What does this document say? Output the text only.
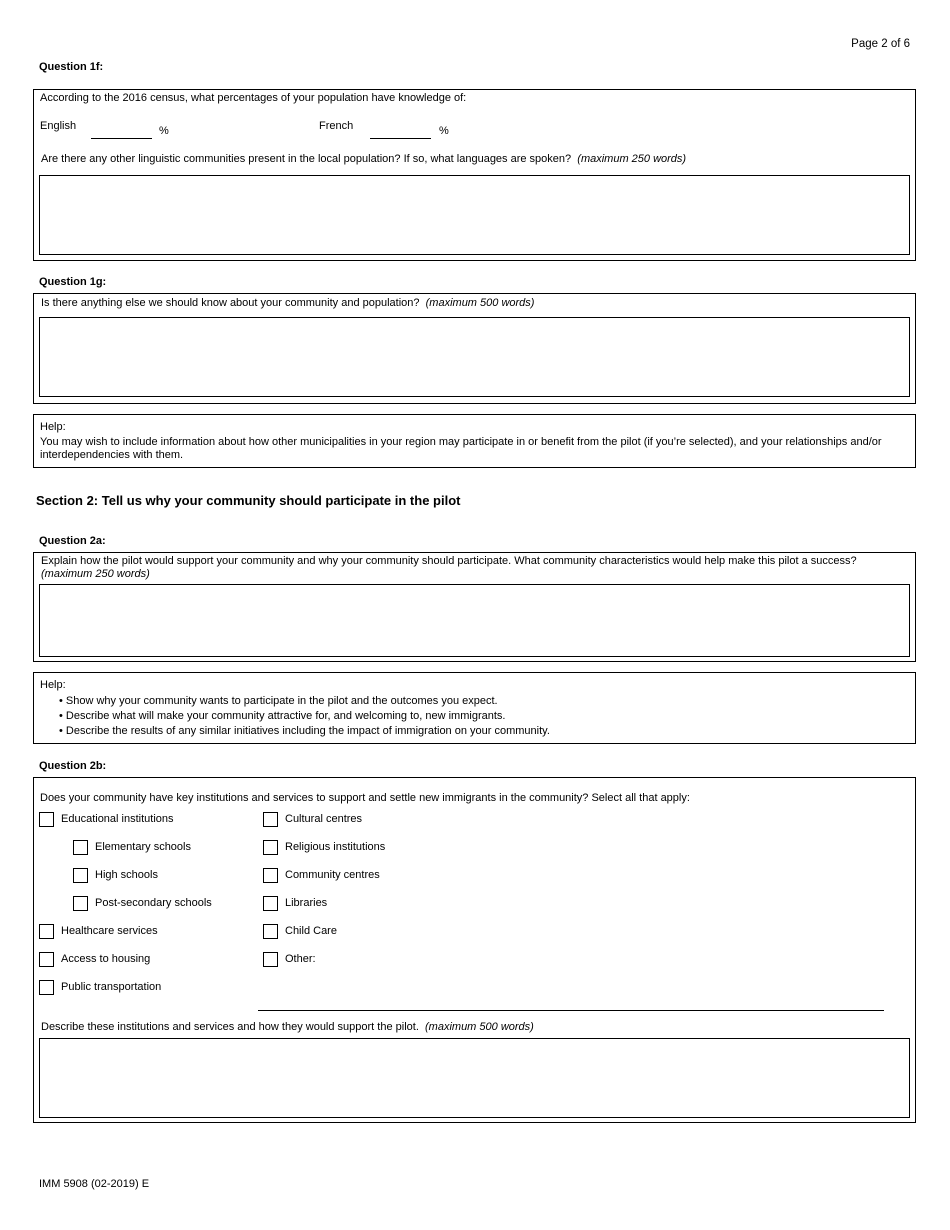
Page 2 of 6
Question 1f:
According to the 2016 census, what percentages of your population have knowledge of:
English	%	French	%
Are there any other linguistic communities present in the local population? If so, what languages are spoken? (maximum 250 words)
Question 1g:
Is there anything else we should know about your community and population? (maximum 500 words)
Help:
You may wish to include information about how other municipalities in your region may participate in or benefit from the pilot (if you’re selected), and your relationships and/or interdependencies with them.
Section 2: Tell us why your community should participate in the pilot
Question 2a:
Explain how the pilot would support your community and why your community should participate. What community characteristics would help make this pilot a success?
(maximum 250 words)
Help:
• Show why your community wants to participate in the pilot and the outcomes you expect.
• Describe what will make your community attractive for, and welcoming to, new immigrants.
• Describe the results of any similar initiatives including the impact of immigration on your community.
Question 2b:
Does your community have key institutions and services to support and settle new immigrants in the community? Select all that apply:
Educational institutions
Elementary schools
High schools
Post-secondary schools
Healthcare services
Access to housing
Public transportation
Cultural centres
Religious institutions
Community centres
Libraries
Child Care
Other:
Describe these institutions and services and how they would support the pilot. (maximum 500 words)
IMM 5908 (02-2019) E
